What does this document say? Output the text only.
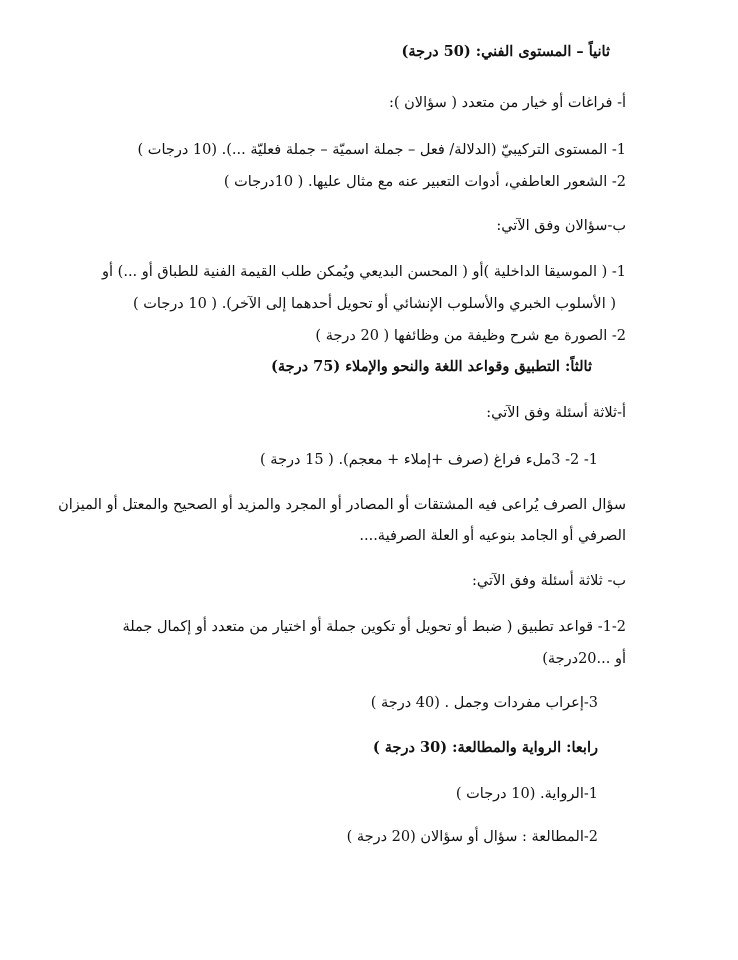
ثانياً – المستوى الفني: (50 درجة)
أ- فراغات أو خيار من متعدد ( سؤالان ):
1- المستوى التركيبيّ (الدلالة/ فعل – جملة اسميّة – جملة فعليّة ...). (10 درجات )
2- الشعور العاطفي، أدوات التعبير عنه مع مثال عليها. ( 10درجات )
ب-سؤالان وفق الآتي:
1- ( الموسيقا الداخلية )أو ( المحسن البديعي ويُمكن طلب القيمة الفنية للطباق أو ...) أو
( الأسلوب الخبري والأسلوب الإنشائي أو تحويل أحدهما إلى الآخر). ( 10 درجات )
2- الصورة مع شرح وظيفة من وظائفها ( 20 درجة )
ثالثاً: التطبيق وقواعد اللغة والنحو والإملاء (75 درجة)
أ-ثلاثة أسئلة وفق الآتي:
1- 2- 3ملء فراغ (صرف +إملاء + معجم). ( 15 درجة )
سؤال الصرف يُراعى فيه المشتقات أو المصادر أو المجرد والمزيد أو الصحيح والمعتل أو الميزان
الصرفي أو الجامد بنوعيه أو العلة الصرفية....
ب- ثلاثة أسئلة وفق الآتي:
1-2- قواعد تطبيق ( ضبط أو تحويل أو تكوين جملة أو اختيار من متعدد أو إكمال جملة
أو ...20درجة)
3-إعراب مفردات وجمل . (40 درجة )
رابعا: الرواية والمطالعة: (30 درجة )
1-الرواية. (10 درجات )
2-المطالعة : سؤال أو سؤالان (20 درجة )
